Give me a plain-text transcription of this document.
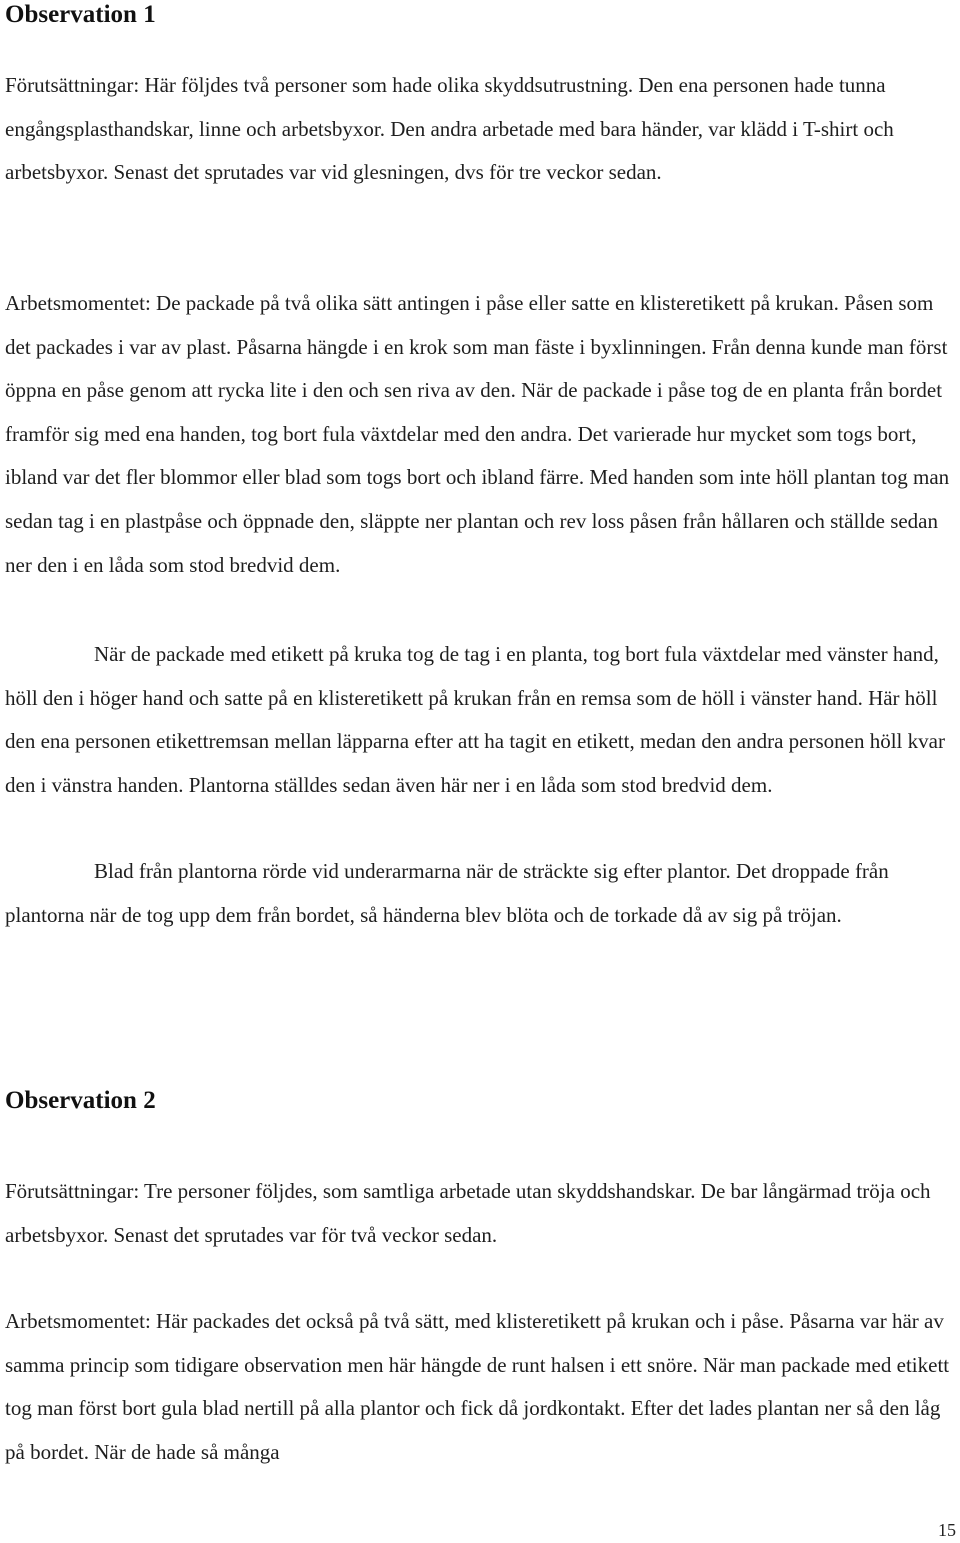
Observation 1

Förutsättningar: Här följdes två personer som hade olika skyddsutrustning. Den ena personen hade tunna engångsplasthandskar, linne och arbetsbyxor. Den andra arbetade med bara händer, var klädd i T-shirt och arbetsbyxor. Senast det sprutades var vid glesningen, dvs för tre veckor sedan.

Arbetsmomentet: De packade på två olika sätt antingen i påse eller satte en klisteretikett på krukan. Påsen som det packades i var av plast. Påsarna hängde i en krok som man fäste i byxlinningen. Från denna kunde man först öppna en påse genom att rycka lite i den och sen riva av den. När de packade i påse tog de en planta från bordet framför sig med ena handen, tog bort fula växtdelar med den andra. Det varierade hur mycket som togs bort, ibland var det fler blommor eller blad som togs bort och ibland färre. Med handen som inte höll plantan tog man sedan tag i en plastpåse och öppnade den, släppte ner plantan och rev loss påsen från hållaren och ställde sedan ner den i en låda som stod bredvid dem.

När de packade med etikett på kruka tog de tag i en planta, tog bort fula växtdelar med vänster hand, höll den i höger hand och satte på en klisteretikett på krukan från en remsa som de höll i vänster hand. Här höll den ena personen etikettremsan mellan läpparna efter att ha tagit en etikett, medan den andra personen höll kvar den i vänstra handen. Plantorna ställdes sedan även här ner i en låda som stod bredvid dem.

Blad från plantorna rörde vid underarmarna när de sträckte sig efter plantor. Det droppade från plantorna när de tog upp dem från bordet, så händerna blev blöta och de torkade då av sig på tröjan.

Observation 2

Förutsättningar: Tre personer följdes, som samtliga arbetade utan skyddshandskar. De bar långärmad tröja och arbetsbyxor. Senast det sprutades var för två veckor sedan.

Arbetsmomentet: Här packades det också på två sätt, med klisteretikett på krukan och i påse. Påsarna var här av samma princip som tidigare observation men här hängde de runt halsen i ett snöre. När man packade med etikett tog man först bort gula blad nertill på alla plantor och fick då jordkontakt. Efter det lades plantan ner så den låg på bordet. När de hade så många

15
